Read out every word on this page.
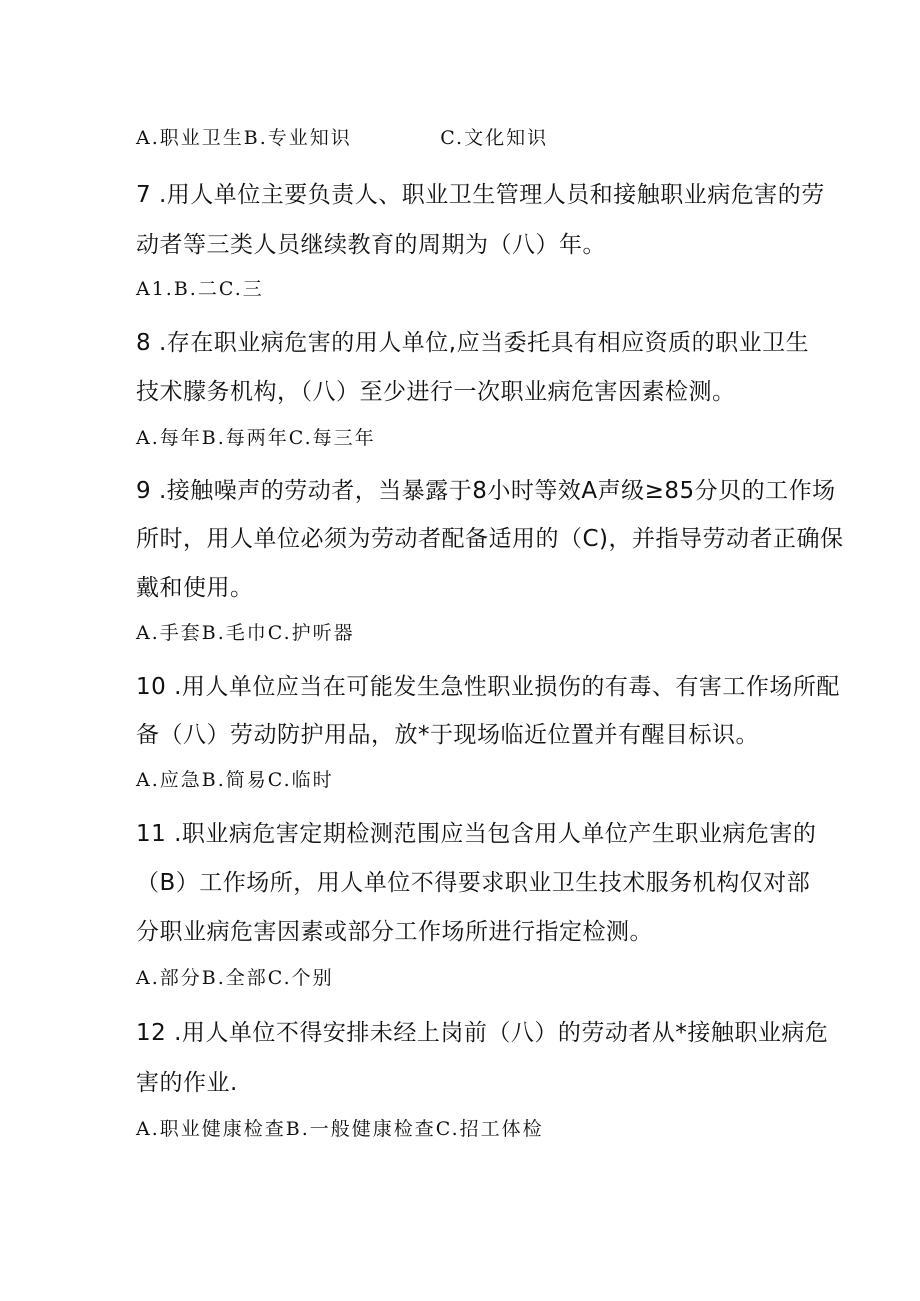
A.职业卫生B.专业知识           C.文化知识
7 .用人单位主要负责人、职业卫生管理人员和接触职业病危害的劳
动者等三类人员继续教育的周期为（八）年。
A1.B.二C.三
8 .存在职业病危害的用人单位,应当委托具有相应资质的职业卫生
技术朦务机构，（八）至少进行一次职业病危害因素检测。
A.每年B.每两年C.每三年
9 .接触噪声的劳动者，当暴露于8小时等效A声级≥85分贝的工作场
所时，用人单位必须为劳动者配备适用的（C)，并指导劳动者正确保
戴和使用。
A.手套B.毛巾C.护听器
10 .用人单位应当在可能发生急性职业损伤的有毒、有害工作场所配
备（八）劳动防护用品，放*于现场临近位置并有醒目标识。
A.应急B.简易C.临时
11 .职业病危害定期检测范围应当包含用人单位产生职业病危害的
（B）工作场所，用人单位不得要求职业卫生技术服务机构仅对部
分职业病危害因素或部分工作场所进行指定检测。
A.部分B.全部C.个别
12 .用人单位不得安排未经上岗前（八）的劳动者从*接触职业病危
害的作业.
A.职业健康检查B.一般健康检查C.招工体检
